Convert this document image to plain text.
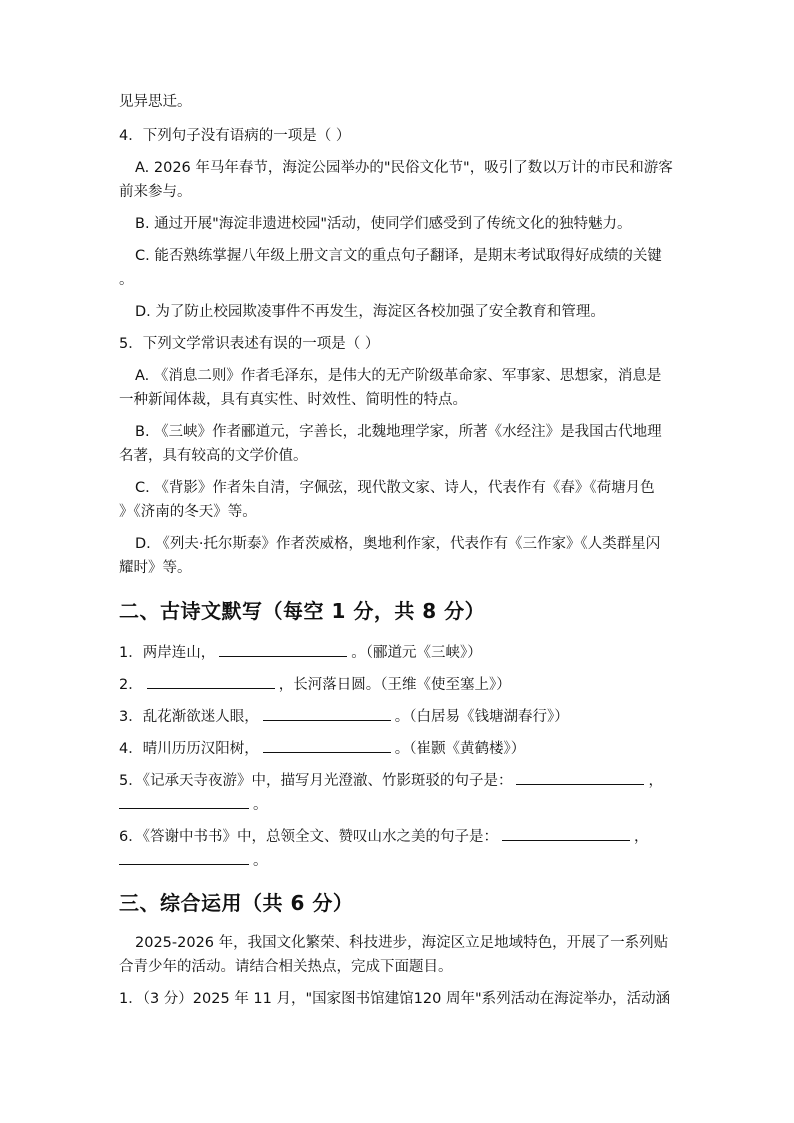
见异思迁。
4．下列句子没有语病的一项是（ ）
A. 2026 年马年春节，海淀公园举办的"民俗文化节"，吸引了数以万计的市民和游客
前来参与。
B. 通过开展"海淀非遗进校园"活动，使同学们感受到了传统文化的独特魅力。
C. 能否熟练掌握八年级上册文言文的重点句子翻译，是期末考试取得好成绩的关键
。
D. 为了防止校园欺凌事件不再发生，海淀区各校加强了安全教育和管理。
5．下列文学常识表述有误的一项是（ ）
A. 《消息二则》作者毛泽东，是伟大的无产阶级革命家、军事家、思想家，消息是
一种新闻体裁，具有真实性、时效性、简明性的特点。
B. 《三峡》作者郦道元，字善长，北魏地理学家，所著《水经注》是我国古代地理
名著，具有较高的文学价值。
C. 《背影》作者朱自清，字佩弦，现代散文家、诗人，代表作有《春》《荷塘月色
》《济南的冬天》等。
D. 《列夫·托尔斯泰》作者茨威格，奥地利作家，代表作有《三作家》《人类群星闪
耀时》等。
二、古诗文默写（每空 1 分，共 8 分）
1．两岸连山，	。（郦道元《三峡》）
2．	，长河落日圆。（王维《使至塞上》）
3．乱花渐欲迷人眼，	。（白居易《钱塘湖春行》）
4．晴川历历汉阳树，	。（崔颢《黄鹤楼》）
5．《记承天寺夜游》中，描写月光澄澈、竹影斑驳的句子是：	，
。
6．《答谢中书书》中，总领全文、赞叹山水之美的句子是：	，
。
三、综合运用（共 6 分）
2025-2026 年，我国文化繁荣、科技进步，海淀区立足地域特色，开展了一系列贴
合青少年的活动。请结合相关热点，完成下面题目。
1．（3 分）2025 年 11 月，"国家图书馆建馆120 周年"系列活动在海淀举办，活动涵
